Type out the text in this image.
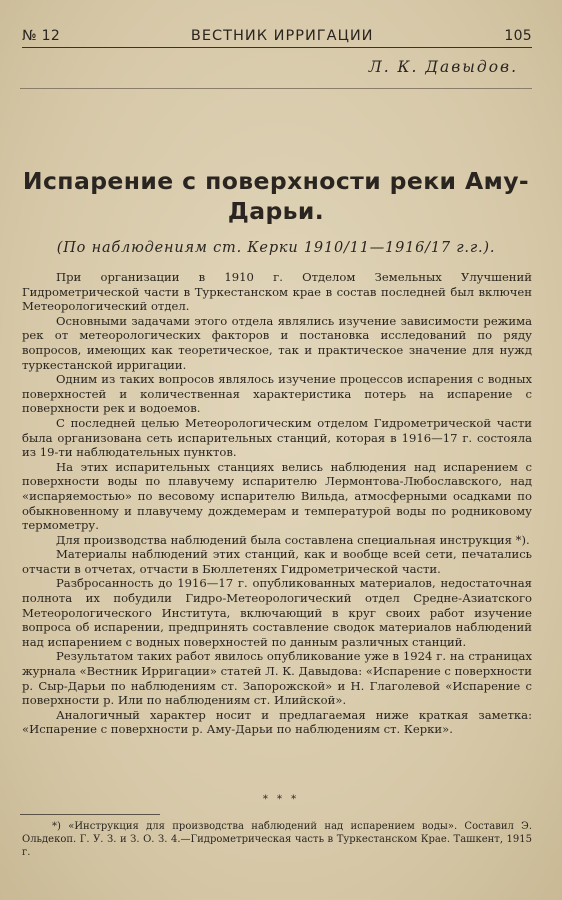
№ 12	ВЕСТНИК ИРРИГАЦИИ	105
Л. К. Давыдов.
Испарение с поверхности реки Аму-Дарьи.
(По наблюдениям ст. Керки 1910/11—1916/17 г.г.).

При организации в 1910 г. Отделом Земельных Улучшений Гидрометрической части в Туркестанском крае в состав последней был включен Метеорологический отдел.

Основными задачами этого отдела являлись изучение зависимости режима рек от метеорологических факторов и постановка исследований по ряду вопросов, имеющих как теоретическое, так и практическое значение для нужд туркестанской ирригации.

Одним из таких вопросов являлось изучение процессов испарения с водных поверхностей и количественная характеристика потерь на испарение с поверхности рек и водоемов.

С последней целью Метеорологическим отделом Гидрометрической части была организована сеть испарительных станций, которая в 1916—17 г. состояла из 19-ти наблюдательных пунктов.

На этих испарительных станциях велись наблюдения над испарением с поверхности воды по плавучему испарителю Лермонтова-Любославского, над «испаряемостью» по весовому испарителю Вильда, атмосферными осадками по обыкновенному и плавучему дождемерам и температурой воды по родниковому термометру.

Для производства наблюдений была составлена специальная инструкция *).

Материалы наблюдений этих станций, как и вообще всей сети, печатались отчасти в отчетах, отчасти в Бюллетенях Гидрометрической части.

Разбросанность до 1916—17 г. опубликованных материалов, недостаточная полнота их побудили Гидро-Метеорологический отдел Средне-Азиатского Метеорологического Института, включающий в круг своих работ изучение вопроса об испарении, предпринять составление сводок материалов наблюдений над испарением с водных поверхностей по данным различных станций.

Результатом таких работ явилось опубликование уже в 1924 г. на страницах журнала «Вестник Ирригации» статей Л. К. Давыдова: «Испарение с поверхности р. Сыр-Дарьи по наблюдениям ст. Запорожской» и Н. Глаголевой «Испарение с поверхности р. Или по наблюдениям ст. Илийской».

Аналогичный характер носит и предлагаемая ниже краткая заметка: «Испарение с поверхности р. Аму-Дарьи по наблюдениям ст. Керки».

* * *

*) «Инструкция для производства наблюдений над испарением воды». Составил Э. Ольдекоп. Г. У. З. и З. О. З. 4.—Гидрометрическая часть в Туркестанском Крае. Ташкент, 1915 г.
